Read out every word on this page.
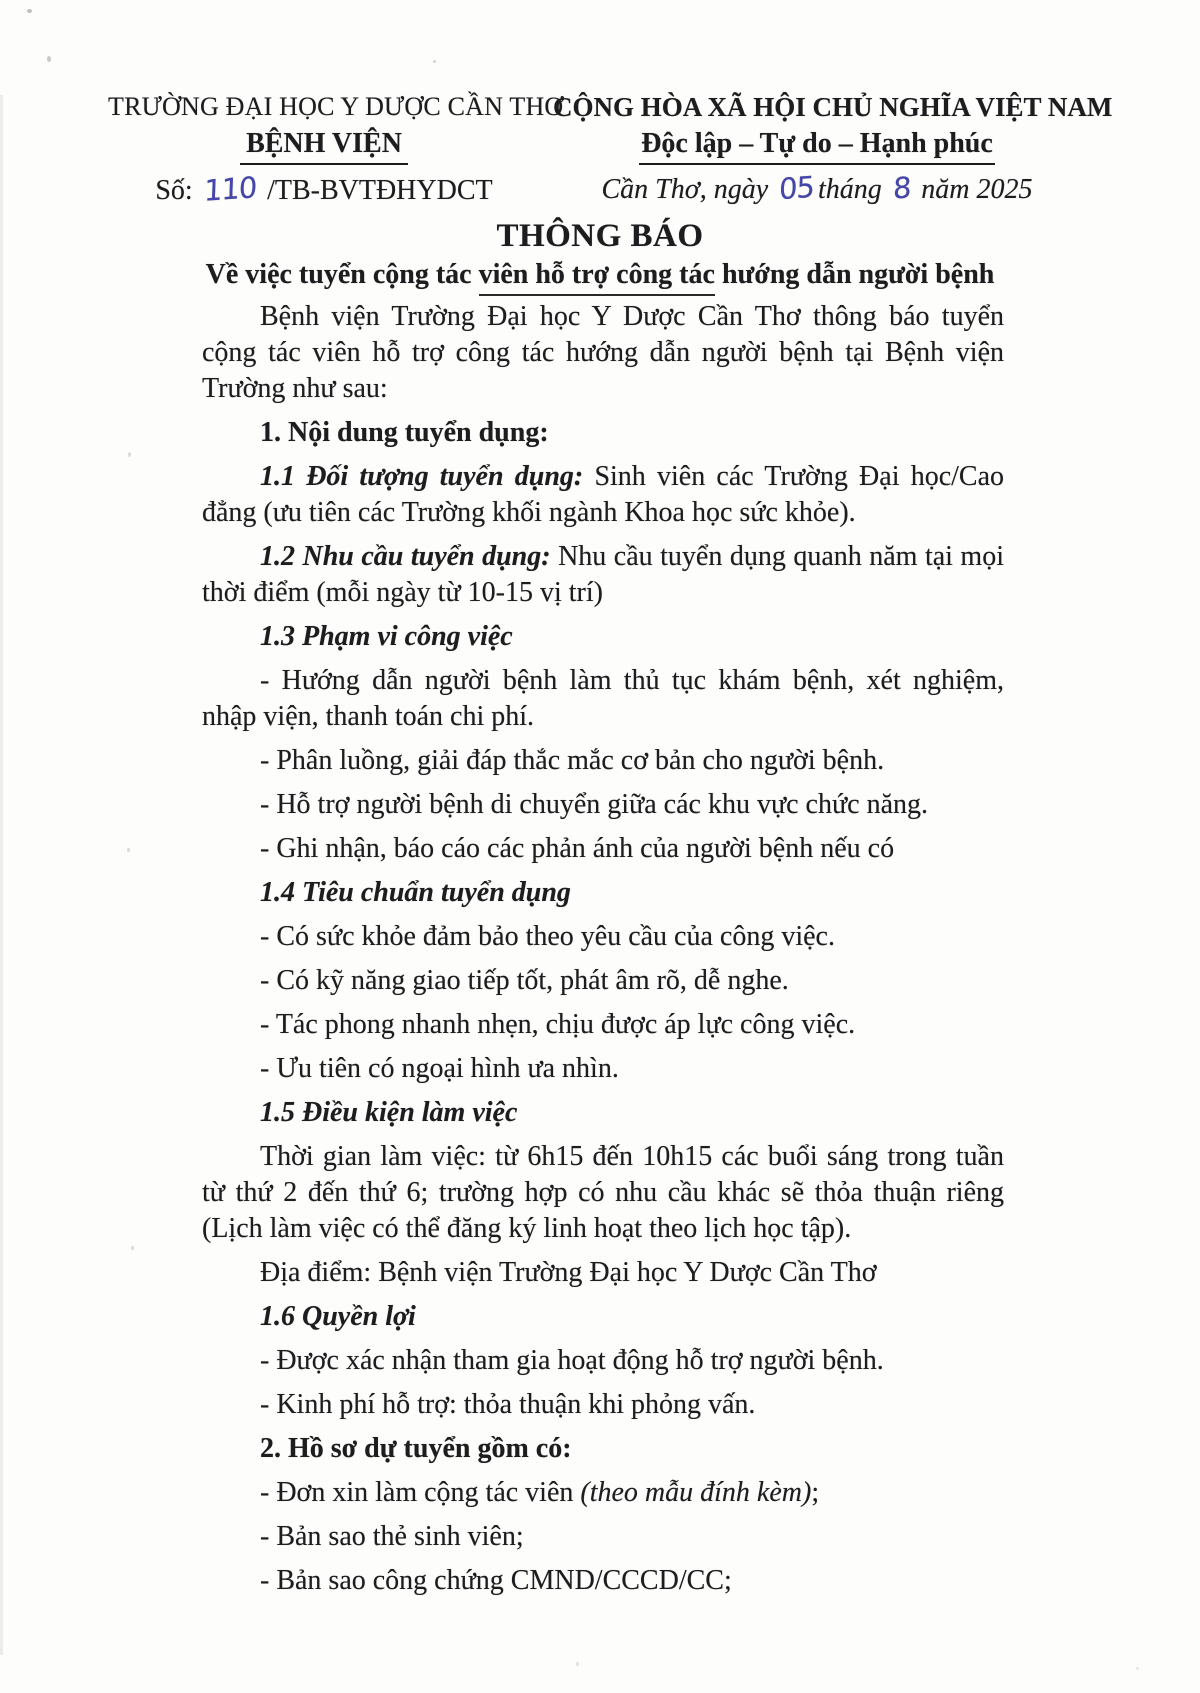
TRƯỜNG ĐẠI HỌC Y DƯỢC CẦN THƠ
BỆNH VIỆN
Số: 110 /TB-BVTĐHYDCT
CỘNG HÒA XÃ HỘI CHỦ NGHĨA VIỆT NAM
Độc lập – Tự do – Hạnh phúc
Cần Thơ, ngày 05 tháng 8 năm 2025
THÔNG BÁO
Về việc tuyển cộng tác viên hỗ trợ công tác hướng dẫn người bệnh

Bệnh viện Trường Đại học Y Dược Cần Thơ thông báo tuyển cộng tác viên hỗ trợ công tác hướng dẫn người bệnh tại Bệnh viện Trường như sau:

1. Nội dung tuyển dụng:

1.1 Đối tượng tuyển dụng: Sinh viên các Trường Đại học/Cao đẳng (ưu tiên các Trường khối ngành Khoa học sức khỏe).

1.2 Nhu cầu tuyển dụng: Nhu cầu tuyển dụng quanh năm tại mọi thời điểm (mỗi ngày từ 10-15 vị trí)

1.3 Phạm vi công việc

- Hướng dẫn người bệnh làm thủ tục khám bệnh, xét nghiệm, nhập viện, thanh toán chi phí.

- Phân luồng, giải đáp thắc mắc cơ bản cho người bệnh.

- Hỗ trợ người bệnh di chuyển giữa các khu vực chức năng.

- Ghi nhận, báo cáo các phản ánh của người bệnh nếu có

1.4 Tiêu chuẩn tuyển dụng

- Có sức khỏe đảm bảo theo yêu cầu của công việc.

- Có kỹ năng giao tiếp tốt, phát âm rõ, dễ nghe.

- Tác phong nhanh nhẹn, chịu được áp lực công việc.

- Ưu tiên có ngoại hình ưa nhìn.

1.5 Điều kiện làm việc

Thời gian làm việc: từ 6h15 đến 10h15 các buổi sáng trong tuần từ thứ 2 đến thứ 6; trường hợp có nhu cầu khác sẽ thỏa thuận riêng (Lịch làm việc có thể đăng ký linh hoạt theo lịch học tập).

Địa điểm: Bệnh viện Trường Đại học Y Dược Cần Thơ

1.6 Quyền lợi

- Được xác nhận tham gia hoạt động hỗ trợ người bệnh.

- Kinh phí hỗ trợ: thỏa thuận khi phỏng vấn.

2. Hồ sơ dự tuyển gồm có:

- Đơn xin làm cộng tác viên (theo mẫu đính kèm);

- Bản sao thẻ sinh viên;

- Bản sao công chứng CMND/CCCD/CC;
